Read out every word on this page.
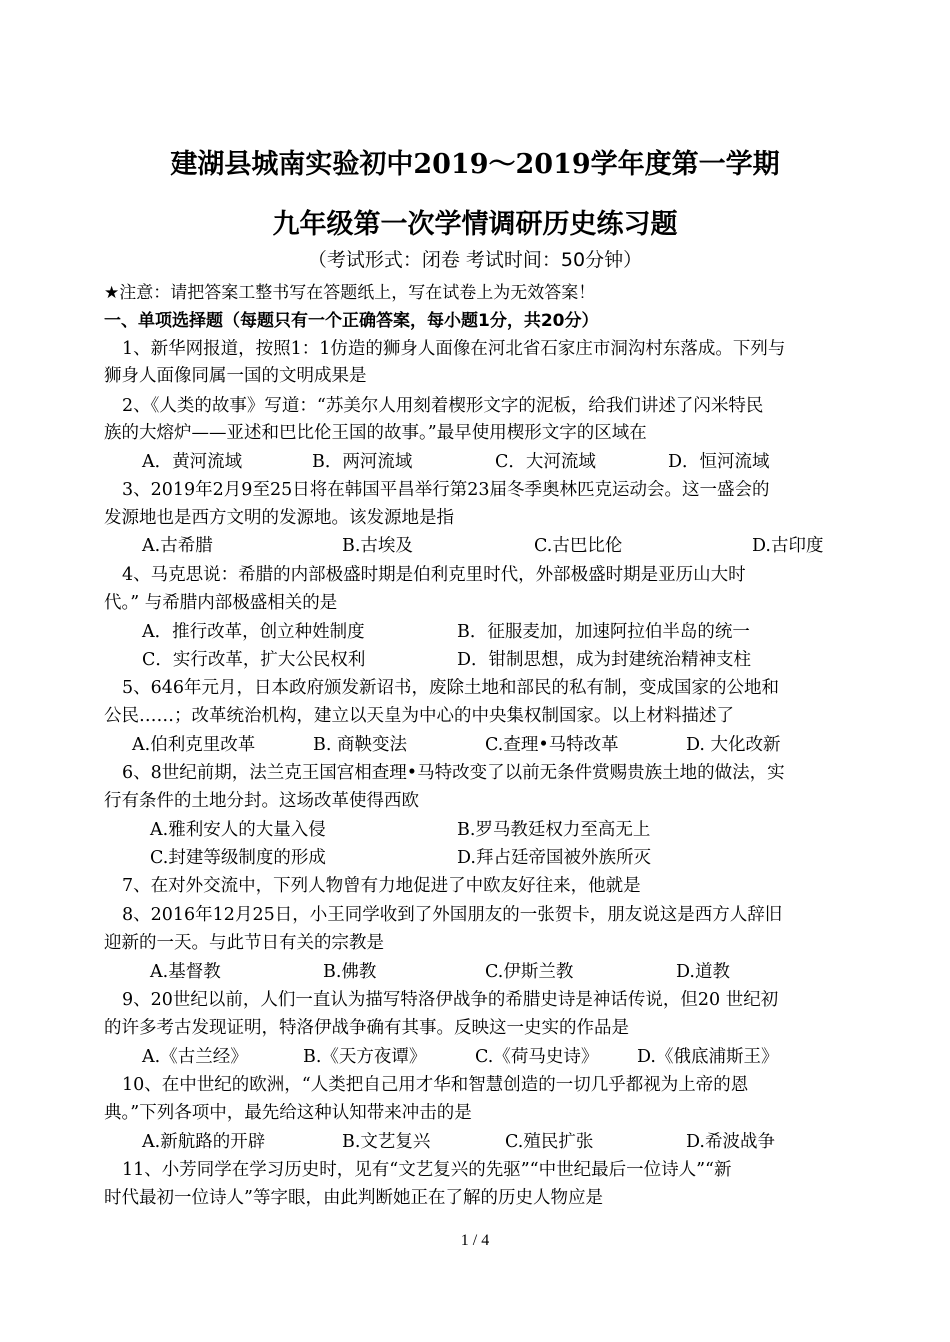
建湖县城南实验初中2019～2019学年度第一学期
九年级第一次学情调研历史练习题
（考试形式：闭卷 考试时间：50分钟）
★注意：请把答案工整书写在答题纸上，写在试卷上为无效答案！
一、单项选择题（每题只有一个正确答案，每小题1分，共20分）
1、新华网报道，按照1：1仿造的狮身人面像在河北省石家庄市洞沟村东落成。下列与
狮身人面像同属一国的文明成果是
2、《人类的故事》写道：“苏美尔人用刻着楔形文字的泥板，给我们讲述了闪米特民
族的大熔炉——亚述和巴比伦王国的故事。”最早使用楔形文字的区域在
A．黄河流域	B．两河流域	C．大河流域	D．恒河流域
3、2019年2月9至25日将在韩国平昌举行第23届冬季奥林匹克运动会。这一盛会的
发源地也是西方文明的发源地。该发源地是指
A.古希腊	B.古埃及	C.古巴比伦	D.古印度
4、马克思说：希腊的内部极盛时期是伯利克里时代，外部极盛时期是亚历山大时
代。” 与希腊内部极盛相关的是
A．推行改革，创立种姓制度	B．征服麦加，加速阿拉伯半岛的统一
C．实行改革，扩大公民权利	D．钳制思想，成为封建统治精神支柱
5、646年元月，日本政府颁发新诏书，废除土地和部民的私有制，变成国家的公地和
公民……；改革统治机构，建立以天皇为中心的中央集权制国家。以上材料描述了
A.伯利克里改革	B. 商鞅变法	C.查理•马特改革	D. 大化改新
6、8世纪前期，法兰克王国宫相查理•马特改变了以前无条件赏赐贵族土地的做法，实
行有条件的土地分封。这场改革使得西欧
A.雅利安人的大量入侵	B.罗马教廷权力至高无上
C.封建等级制度的形成	D.拜占廷帝国被外族所灭
7、在对外交流中，下列人物曾有力地促进了中欧友好往来，他就是
8、2016年12月25日，小王同学收到了外国朋友的一张贺卡，朋友说这是西方人辞旧
迎新的一天。与此节日有关的宗教是
A.基督教	B.佛教	C.伊斯兰教	D.道教
9、20世纪以前，人们一直认为描写特洛伊战争的希腊史诗是神话传说，但20 世纪初
的许多考古发现证明，特洛伊战争确有其事。反映这一史实的作品是
A.《古兰经》	B.《天方夜谭》	C.《荷马史诗》 D.《俄底浦斯王》
10、在中世纪的欧洲，“人类把自己用才华和智慧创造的一切几乎都视为上帝的恩
典。”下列各项中，最先给这种认知带来冲击的是
A.新航路的开辟	B.文艺复兴	C.殖民扩张	D.希波战争
11、小芳同学在学习历史时，见有“文艺复兴的先驱”“中世纪最后一位诗人”“新
时代最初一位诗人”等字眼，由此判断她正在了解的历史人物应是
1 / 4
